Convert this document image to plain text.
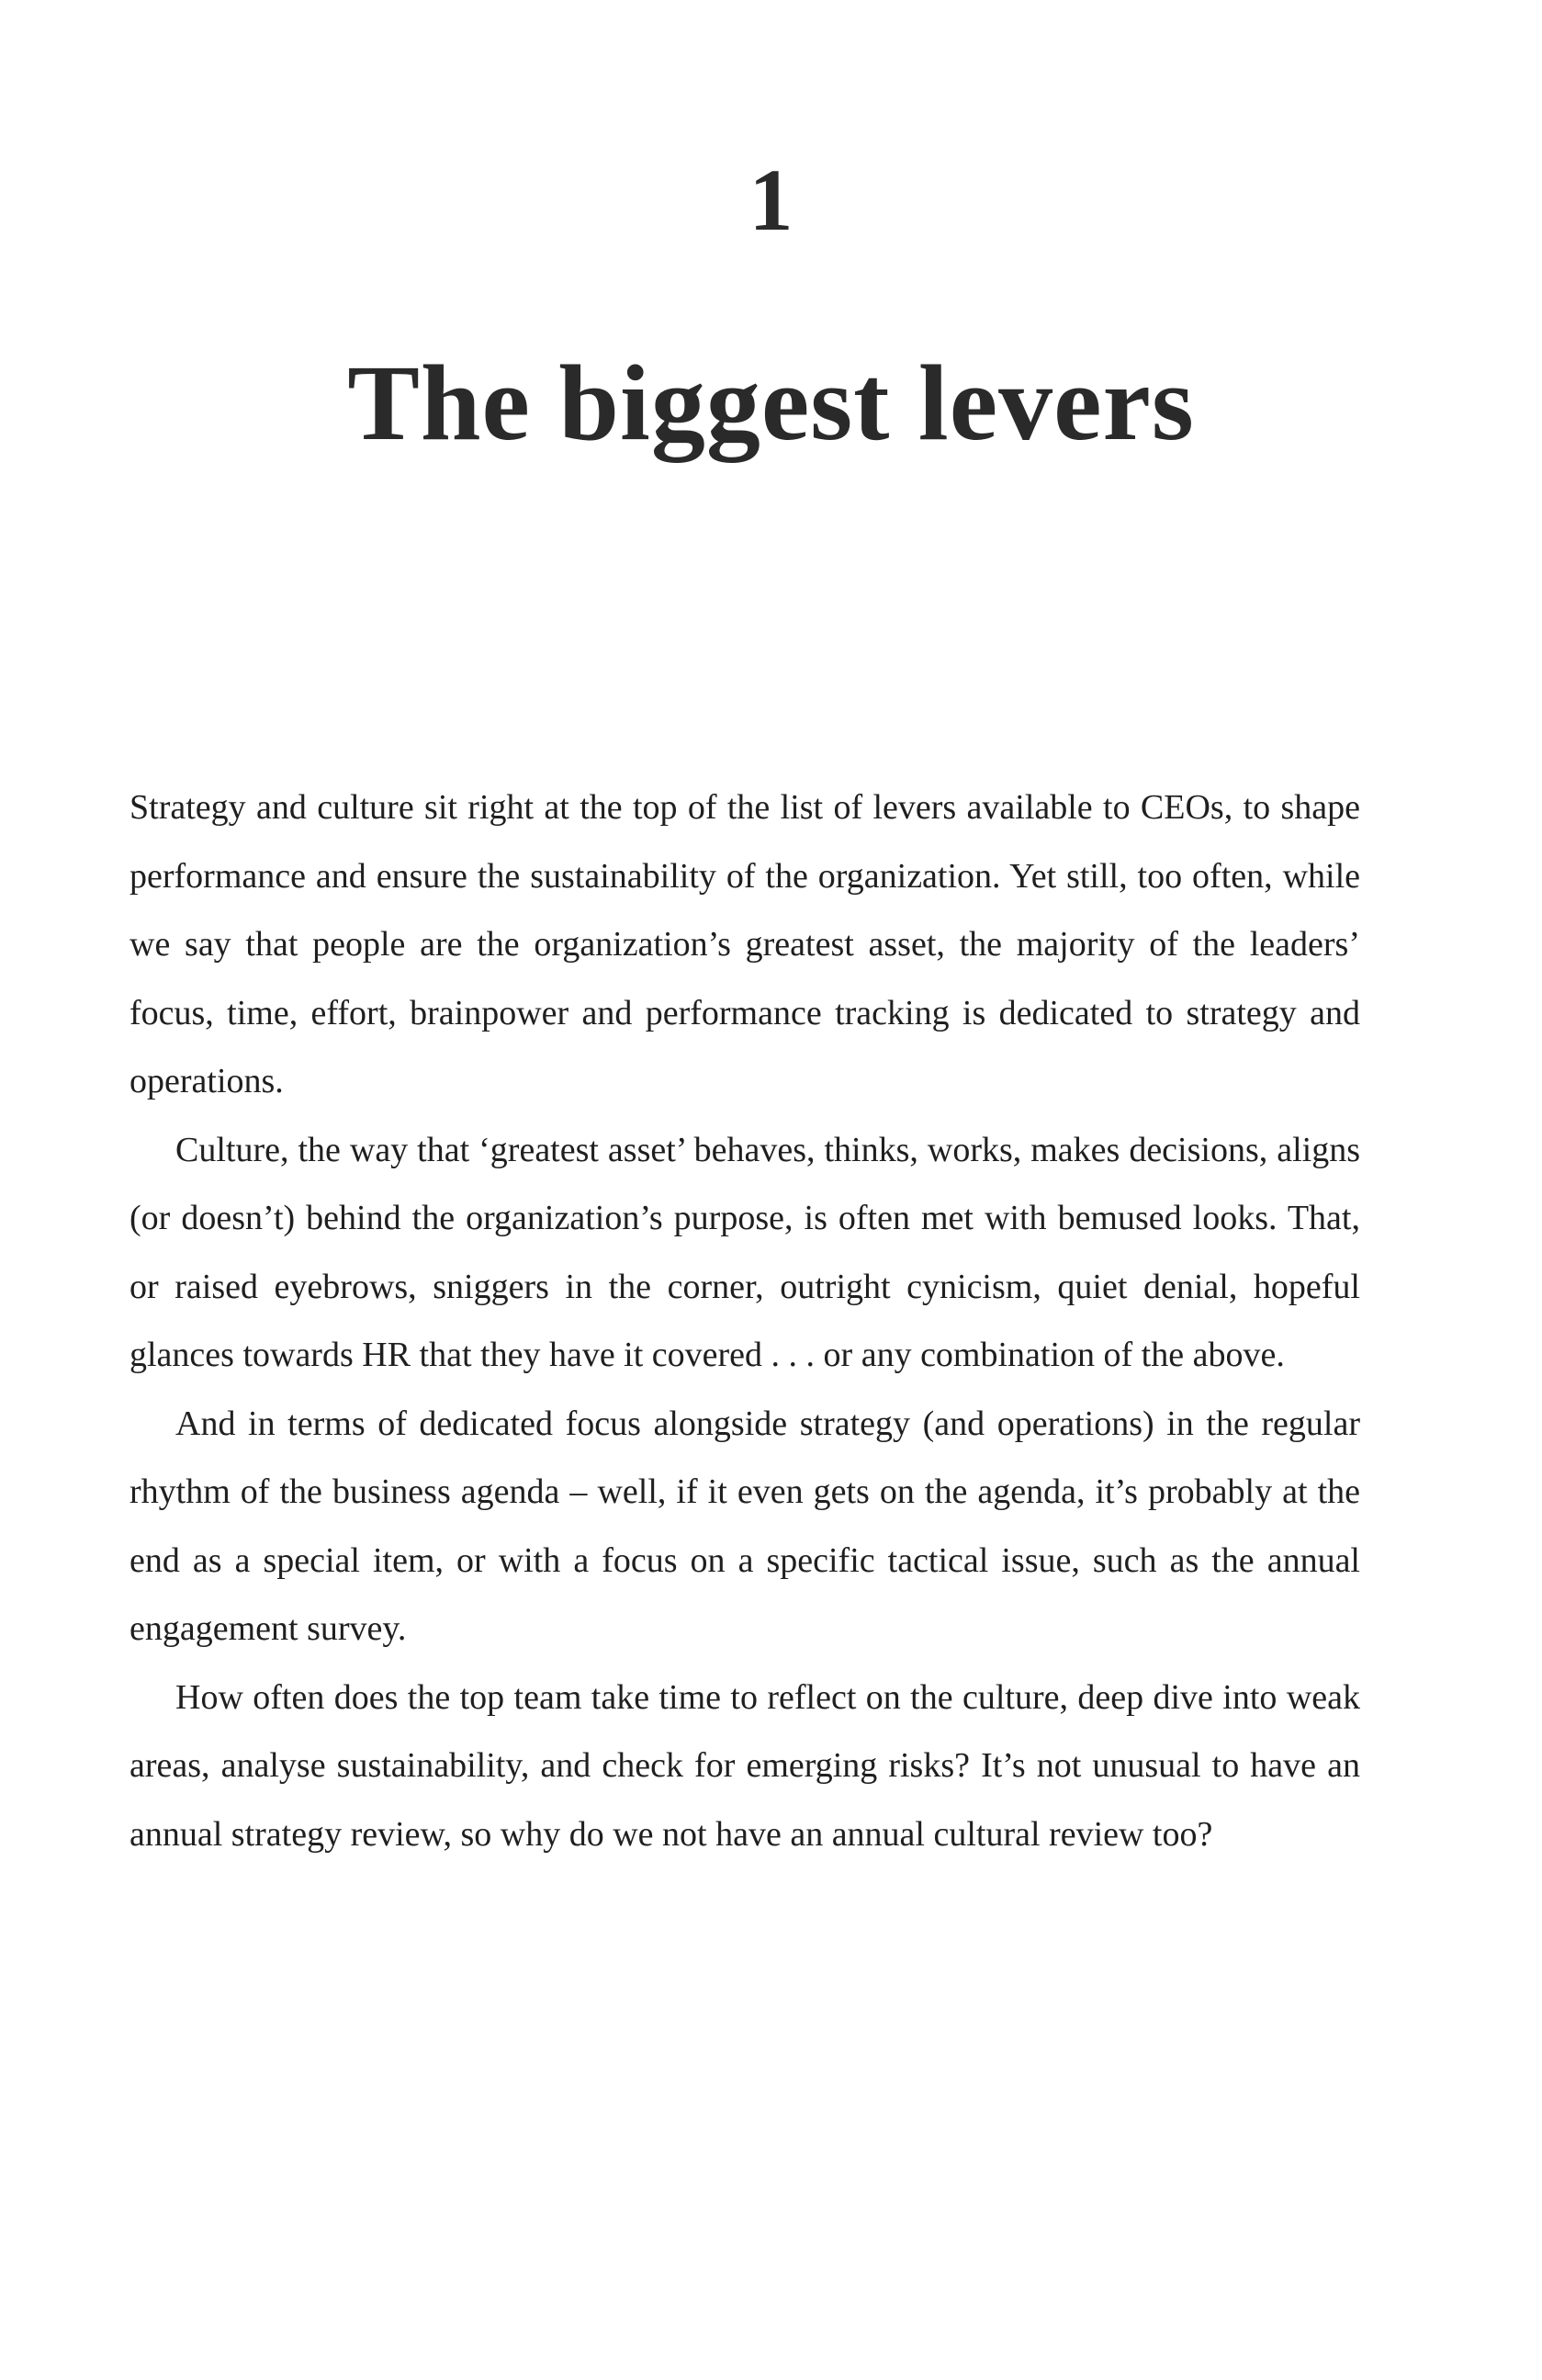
1
The biggest levers

Strategy and culture sit right at the top of the list of levers available to CEOs, to shape performance and ensure the sustainability of the organization. Yet still, too often, while we say that people are the organization’s greatest asset, the majority of the leaders’ focus, time, effort, brainpower and performance tracking is dedicated to strategy and operations.

Culture, the way that ‘greatest asset’ behaves, thinks, works, makes decisions, aligns (or doesn’t) behind the organization’s purpose, is often met with bemused looks. That, or raised eyebrows, sniggers in the corner, outright cynicism, quiet denial, hopeful glances towards HR that they have it covered . . . or any combination of the above.

And in terms of dedicated focus alongside strategy (and operations) in the regular rhythm of the business agenda – well, if it even gets on the agenda, it’s probably at the end as a special item, or with a focus on a specific tactical issue, such as the annual engagement survey.

How often does the top team take time to reflect on the culture, deep dive into weak areas, analyse sustainability, and check for emerging risks? It’s not unusual to have an annual strategy review, so why do we not have an annual cultural review too?
